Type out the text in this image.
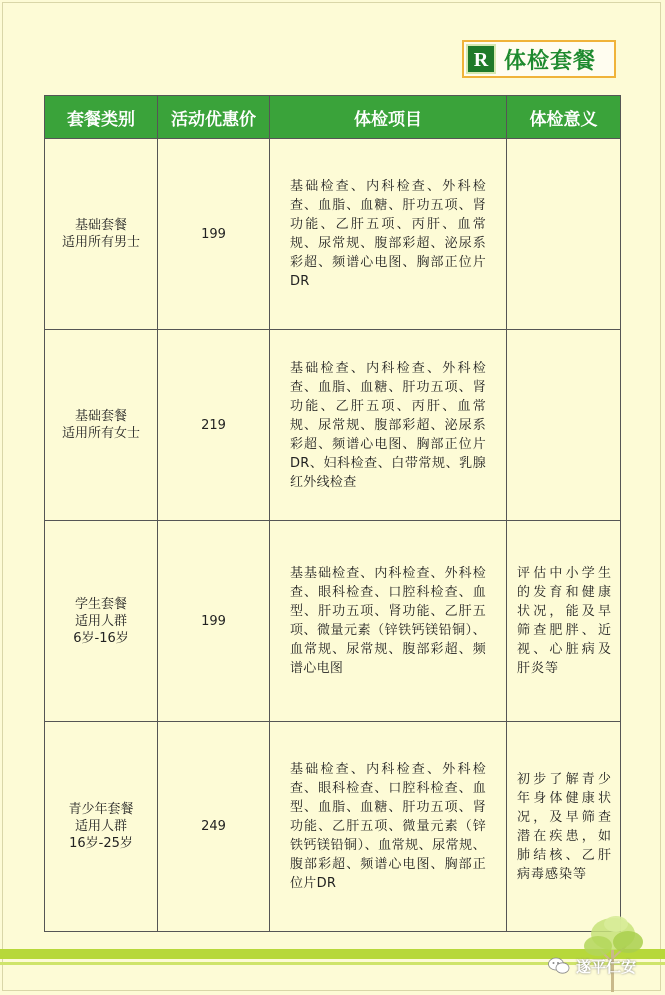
R 体检套餐
套餐类别	活动优惠价	体检项目	体检意义

基础套餐
适用所有男士	199	基础检查、内科检查、外科检查、血脂、血糖、肝功五项、肾功能、乙肝五项、丙肝、血常规、尿常规、腹部彩超、泌尿系彩超、频谱心电图、胸部正位片DR	

基础套餐
适用所有女士	219	基础检查、内科检查、外科检查、血脂、血糖、肝功五项、肾功能、乙肝五项、丙肝、血常规、尿常规、腹部彩超、泌尿系彩超、频谱心电图、胸部正位片DR、妇科检查、白带常规、乳腺红外线检查	

学生套餐
适用人群
6岁-16岁	199	基基础检查、内科检查、外科检查、眼科检查、口腔科检查、血型、肝功五项、肾功能、乙肝五项、微量元素（锌铁钙镁铅铜）、血常规、尿常规、腹部彩超、频谱心电图	评估中小学生的发育和健康状况，能及早筛查肥胖、近视、心脏病及肝炎等

青少年套餐
适用人群
16岁-25岁	249	基础检查、内科检查、外科检查、眼科检查、口腔科检查、血型、血脂、血糖、肝功五项、肾功能、乙肝五项、微量元素（锌铁钙镁铅铜）、血常规、尿常规、腹部彩超、频谱心电图、胸部正位片DR	初步了解青少年身体健康状况，及早筛查潜在疾患，如肺结核、乙肝病毒感染等
遂平仁安
